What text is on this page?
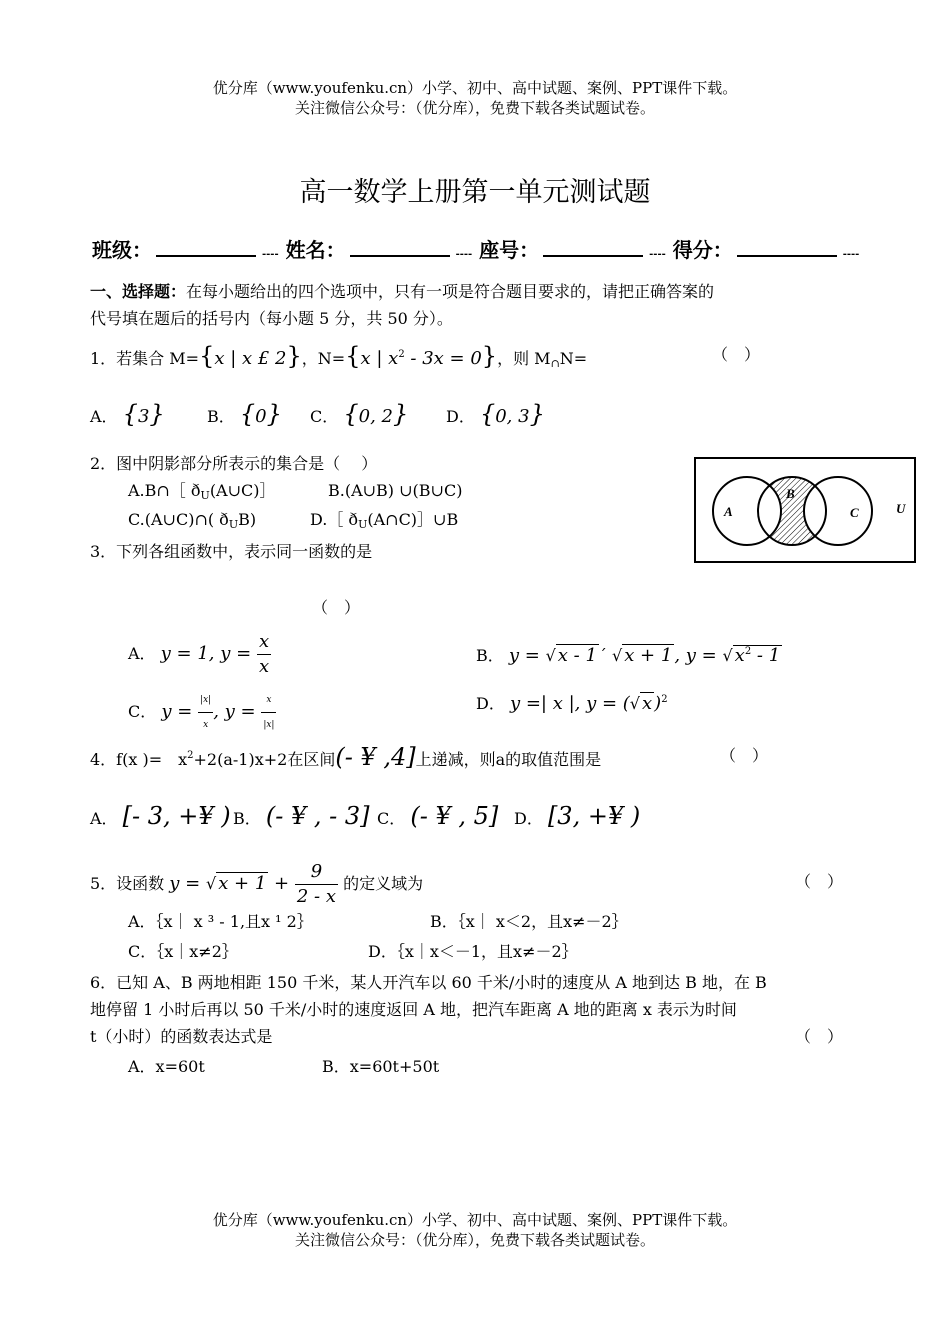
优分库（www.youfenku.cn）小学、初中、高中试题、案例、PPT课件下载。
关注微信公众号：（优分库），免费下载各类试题试卷。
高一数学上册第一单元测试题
班级：	---- 姓名：	---- 座号：	---- 得分：	----
一、选择题：在每小题给出的四个选项中，只有一项是符合题目要求的，请把正确答案的
代号填在题后的括号内（每小题 5 分，共 50 分）。
1．若集合 M={x | x £ 2}，N={x | $x^2 - 3x = 0$}，则 $M_\cap N=$	（　）
A． {3}	B． {0} C． {0, 2} D． {0, 3}
2．图中阴影部分所表示的集合是（　 ）
A.B∩［ $ð_U(A\cup C)]$	B.(A∪B) ∪(B∪C)
C.(A∪C)∩( $ð_UB$)	D.［ $ð_U(A\cap C)]\cup B$	A
B
C	U
3．下列各组函数中，表示同一函数的是
（　）
A． y = 1, $y = \frac{x}{x}$	B． y = √ x - 1 ´ √ x + 1 , y = √ $x^2 - 1$
C． $y = \frac{|x|}{x}$ , $y = \frac{x}{|x|}$	D． y =| x |, y = (√ x )$^2$
4．f(x )=　$x^2+2(a-1)x+2$在区间(- ¥ ,4]上递减，则a的取值范围是	（　）
A． [- 3, +¥ ) B． (- ¥ , - 3] C． (- ¥ , 5] D． [3, +¥ )
5．设函数 y = √ $x + 1 + \frac{9}{2 - x}$ 的定义域为	（　）
A．｛x｜ x ³ - 1,且x ¹ 2｝	B．｛x｜ x＜2，且x≠－2｝
C．｛x｜x≠2｝	D．｛x｜x＜－1，且x≠－2｝
6．已知 A、B 两地相距 150 千米，某人开汽车以 60 千米/小时的速度从 A 地到达 B 地，在 B
地停留 1 小时后再以 50 千米/小时的速度返回 A 地，把汽车距离 A 地的距离 x 表示为时间
t（小时）的函数表达式是	（　）
A．x=60t	B．x=60t+50t
优分库（www.youfenku.cn）小学、初中、高中试题、案例、PPT课件下载。
关注微信公众号：（优分库），免费下载各类试题试卷。
